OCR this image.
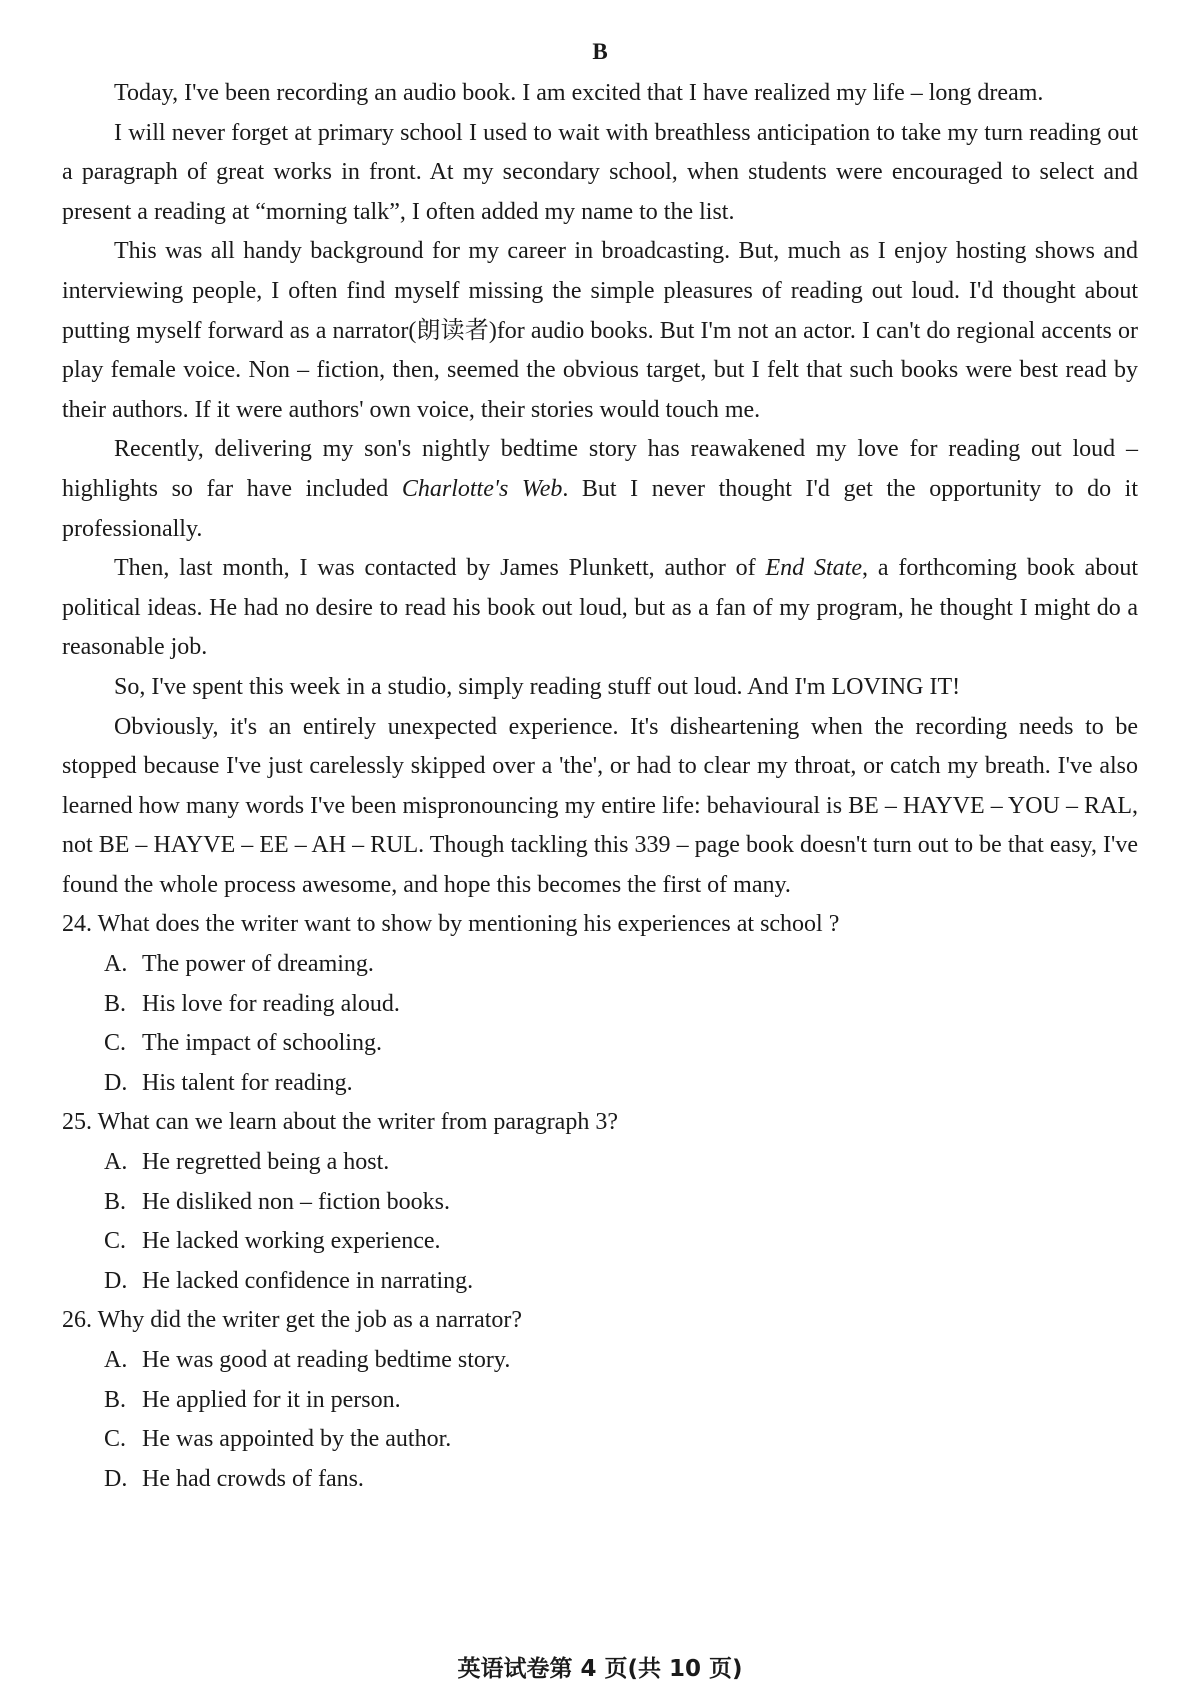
B

Today, I've been recording an audio book. I am excited that I have realized my life – long dream.

I will never forget at primary school I used to wait with breathless anticipation to take my turn reading out a paragraph of great works in front. At my secondary school, when students were encouraged to select and present a reading at “morning talk”, I often added my name to the list.

This was all handy background for my career in broadcasting. But, much as I enjoy hosting shows and interviewing people, I often find myself missing the simple pleasures of reading out loud. I'd thought about putting myself forward as a narrator(朗读者)for audio books. But I'm not an actor. I can't do regional accents or play female voice. Non – fiction, then, seemed the obvious target, but I felt that such books were best read by their authors. If it were authors' own voice, their stories would touch me.

Recently, delivering my son's nightly bedtime story has reawakened my love for reading out loud – highlights so far have included Charlotte's Web. But I never thought I'd get the opportunity to do it professionally.

Then, last month, I was contacted by James Plunkett, author of End State, a forthcoming book about political ideas. He had no desire to read his book out loud, but as a fan of my program, he thought I might do a reasonable job.

So, I've spent this week in a studio, simply reading stuff out loud. And I'm LOVING IT!

Obviously, it's an entirely unexpected experience. It's disheartening when the recording needs to be stopped because I've just carelessly skipped over a 'the', or had to clear my throat, or catch my breath. I've also learned how many words I've been mispronouncing my entire life: behavioural is BE – HAYVE – YOU – RAL, not BE – HAYVE – EE – AH – RUL. Though tackling this 339 – page book doesn't turn out to be that easy, I've found the whole process awesome, and hope this becomes the first of many.

24. What does the writer want to show by mentioning his experiences at school ?

A. The power of dreaming.
B. His love for reading aloud.
C. The impact of schooling.
D. His talent for reading.

25. What can we learn about the writer from paragraph 3?

A. He regretted being a host.
B. He disliked non – fiction books.
C. He lacked working experience.
D. He lacked confidence in narrating.

26. Why did the writer get the job as a narrator?

A. He was good at reading bedtime story.
B. He applied for it in person.
C. He was appointed by the author.
D. He had crowds of fans.
英语试卷第 4 页(共 10 页)
